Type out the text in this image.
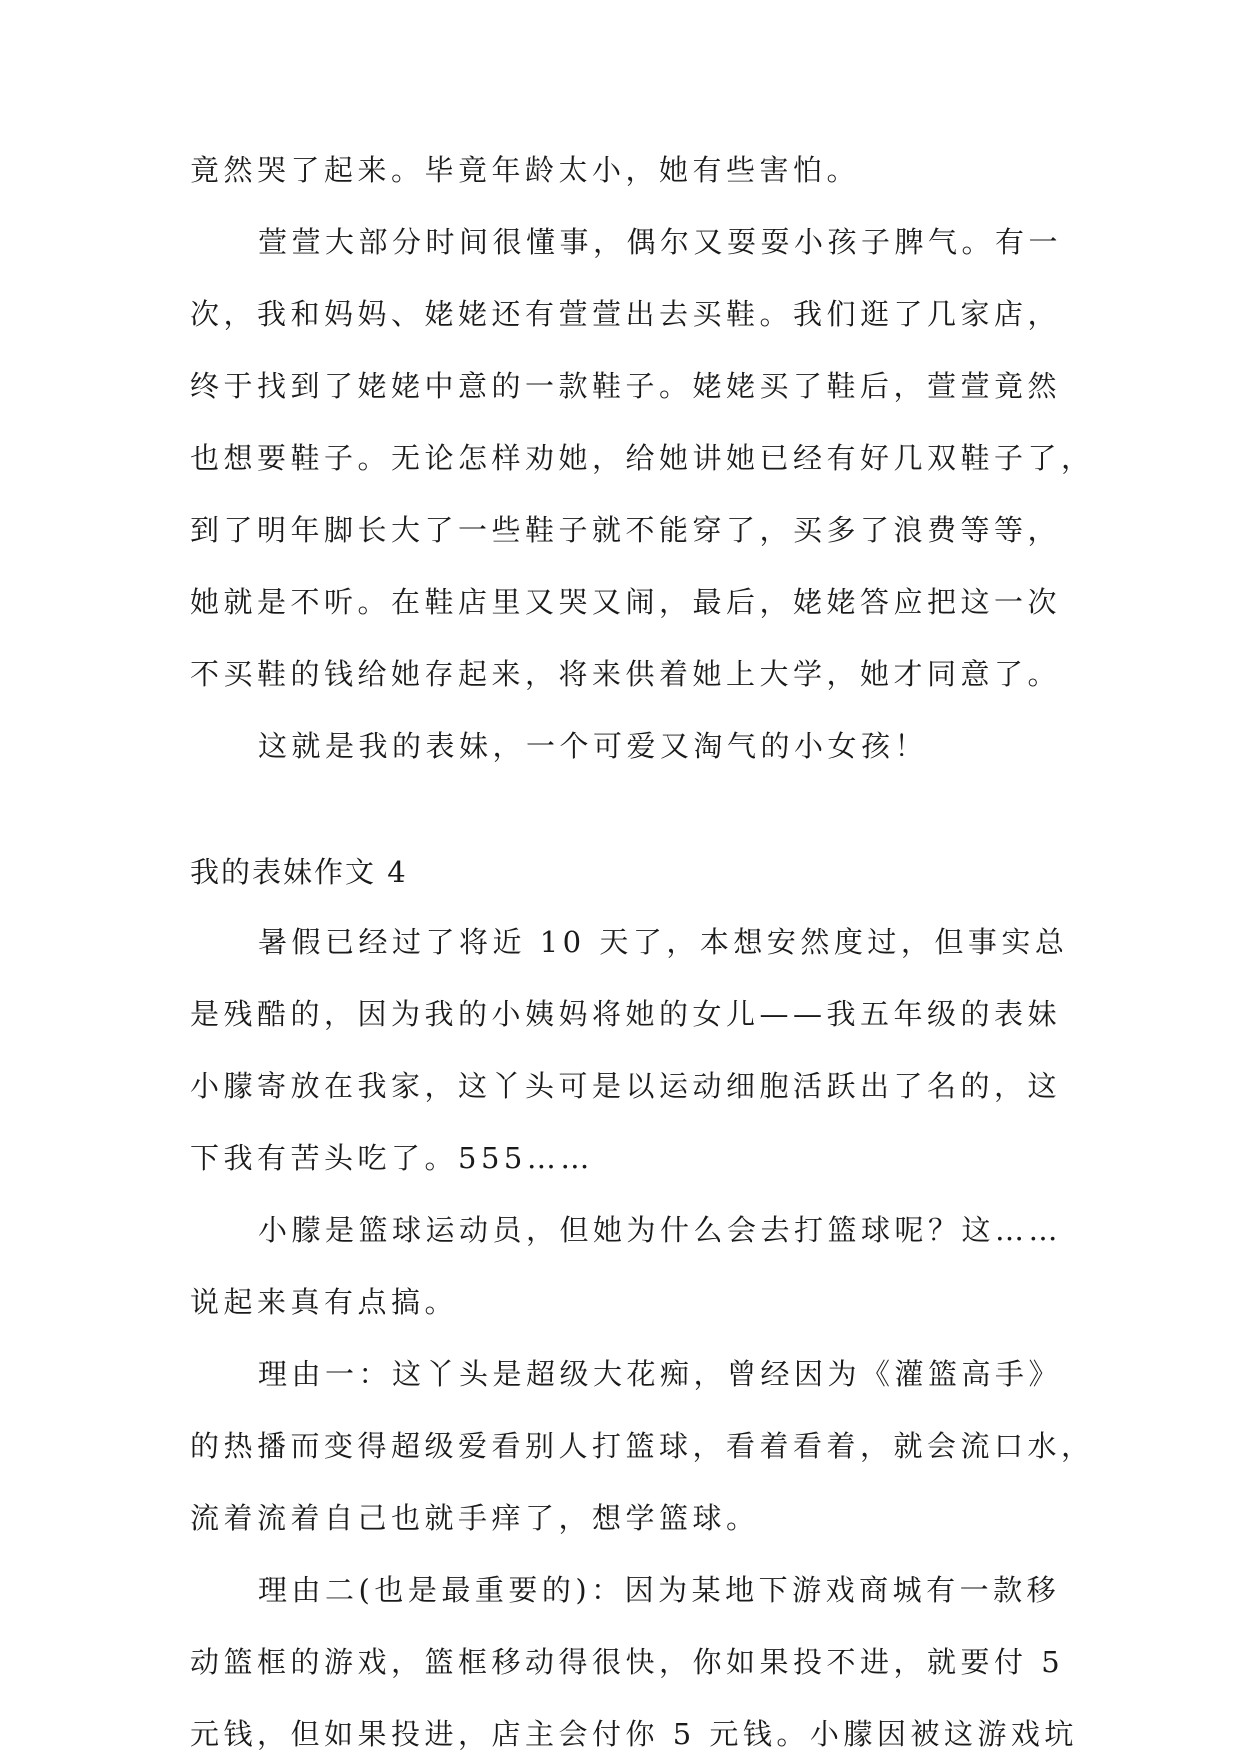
竟然哭了起来。毕竟年龄太小，她有些害怕。
萱萱大部分时间很懂事，偶尔又耍耍小孩子脾气。有一
次，我和妈妈、姥姥还有萱萱出去买鞋。我们逛了几家店，
终于找到了姥姥中意的一款鞋子。姥姥买了鞋后，萱萱竟然
也想要鞋子。无论怎样劝她，给她讲她已经有好几双鞋子了，
到了明年脚长大了一些鞋子就不能穿了，买多了浪费等等，
她就是不听。在鞋店里又哭又闹，最后，姥姥答应把这一次
不买鞋的钱给她存起来，将来供着她上大学，她才同意了。
这就是我的表妹，一个可爱又淘气的小女孩！
我的表妹作文 4
暑假已经过了将近 10 天了，本想安然度过，但事实总
是残酷的，因为我的小姨妈将她的女儿——我五年级的表妹
小朦寄放在我家，这丫头可是以运动细胞活跃出了名的，这
下我有苦头吃了。555……
小朦是篮球运动员，但她为什么会去打篮球呢？这……
说起来真有点搞。
理由一：这丫头是超级大花痴，曾经因为《灌篮高手》
的热播而变得超级爱看别人打篮球，看着看着，就会流口水，
流着流着自己也就手痒了，想学篮球。
理由二(也是最重要的)：因为某地下游戏商城有一款移
动篮框的游戏，篮框移动得很快，你如果投不进，就要付 5
元钱，但如果投进，店主会付你 5 元钱。小朦因被这游戏坑
